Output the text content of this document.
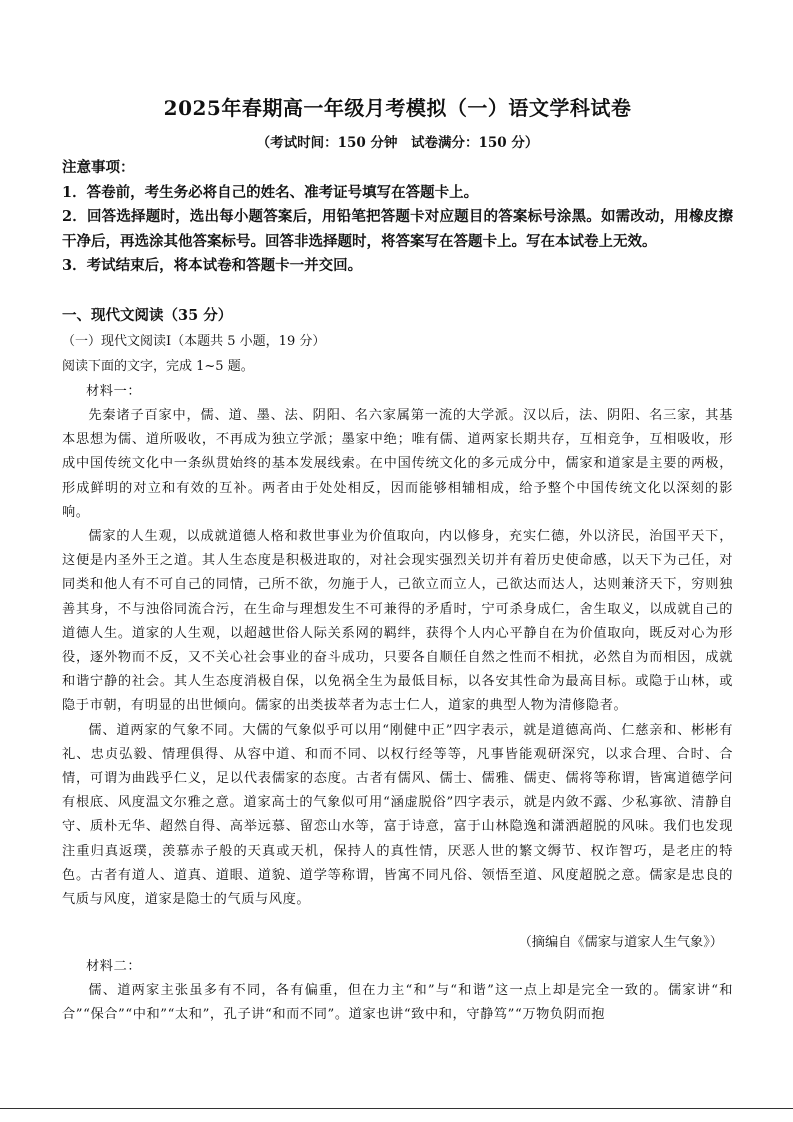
2025年春期高一年级月考模拟（一）语文学科试卷
（考试时间：150 分钟　试卷满分：150 分）

注意事项：

1．答卷前，考生务必将自己的姓名、准考证号填写在答题卡上。

2．回答选择题时，选出每小题答案后，用铅笔把答题卡对应题目的答案标号涂黑。如需改动，用橡皮擦干净后，再选涂其他答案标号。回答非选择题时，将答案写在答题卡上。写在本试卷上无效。

3．考试结束后，将本试卷和答题卡一并交回。

一、现代文阅读（35 分）
（一）现代文阅读Ⅰ（本题共 5 小题，19 分）
阅读下面的文字，完成 1~5 题。
材料一：

先秦诸子百家中，儒、道、墨、法、阴阳、名六家属第一流的大学派。汉以后，法、阴阳、名三家，其基本思想为儒、道所吸收，不再成为独立学派；墨家中绝；唯有儒、道两家长期共存，互相竞争，互相吸收，形成中国传统文化中一条纵贯始终的基本发展线索。在中国传统文化的多元成分中，儒家和道家是主要的两极，形成鲜明的对立和有效的互补。两者由于处处相反，因而能够相辅相成，给予整个中国传统文化以深刻的影响。

儒家的人生观，以成就道德人格和救世事业为价值取向，内以修身，充实仁德，外以济民，治国平天下，这便是内圣外王之道。其人生态度是积极进取的，对社会现实强烈关切并有着历史使命感，以天下为己任，对同类和他人有不可自己的同情，己所不欲，勿施于人，己欲立而立人，己欲达而达人，达则兼济天下，穷则独善其身，不与浊俗同流合污，在生命与理想发生不可兼得的矛盾时，宁可杀身成仁，舍生取义，以成就自己的道德人生。道家的人生观，以超越世俗人际关系网的羁绊，获得个人内心平静自在为价值取向，既反对心为形役，逐外物而不反，又不关心社会事业的奋斗成功，只要各自顺任自然之性而不相扰，必然自为而相因，成就和谐宁静的社会。其人生态度消极自保，以免祸全生为最低目标，以各安其性命为最高目标。或隐于山林，或隐于市朝，有明显的出世倾向。儒家的出类拔萃者为志士仁人，道家的典型人物为清修隐者。

儒、道两家的气象不同。大儒的气象似乎可以用“刚健中正”四字表示，就是道德高尚、仁慈亲和、彬彬有礼、忠贞弘毅、情理俱得、从容中道、和而不同、以权行经等等，凡事皆能观研深究，以求合理、合时、合情，可谓为曲践乎仁义，足以代表儒家的态度。古者有儒风、儒士、儒雅、儒吏、儒将等称谓，皆寓道德学问有根底、风度温文尔雅之意。道家高士的气象似可用“涵虚脱俗”四字表示，就是内敛不露、少私寡欲、清静自守、质朴无华、超然自得、高举远慕、留恋山水等，富于诗意，富于山林隐逸和潇洒超脱的风味。我们也发现注重归真返璞，羡慕赤子般的天真或天机，保持人的真性情，厌恶人世的繁文缛节、权诈智巧，是老庄的特色。古者有道人、道真、道眼、道貌、道学等称谓，皆寓不同凡俗、领悟至道、风度超脱之意。儒家是忠良的气质与风度，道家是隐士的气质与风度。

（摘编自《儒家与道家人生气象》）
材料二：

儒、道两家主张虽多有不同，各有偏重，但在力主“和”与“和谐”这一点上却是完全一致的。儒家讲“和合”“保合”“中和”“太和”，孔子讲“和而不同”。道家也讲“致中和，守静笃”“万物负阴而抱
